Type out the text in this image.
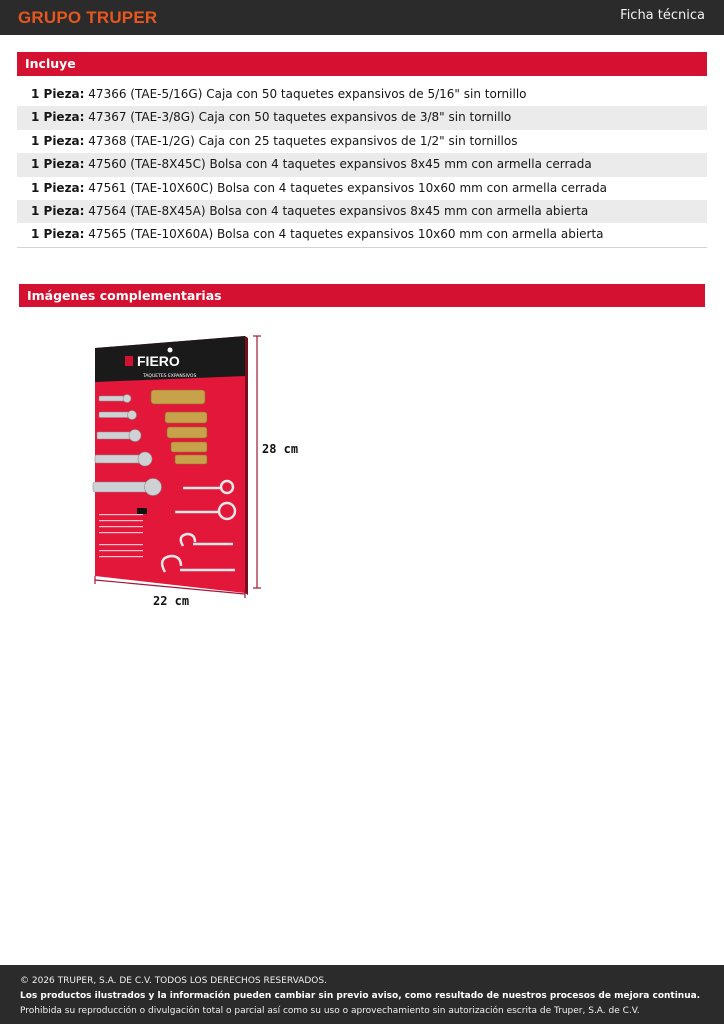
GRUPO TRUPER	Ficha técnica
Incluye
1 Pieza: 47366 (TAE-5/16G) Caja con 50 taquetes expansivos de 5/16" sin tornillo
1 Pieza: 47367 (TAE-3/8G) Caja con 50 taquetes expansivos de 3/8" sin tornillo
1 Pieza: 47368 (TAE-1/2G) Caja con 25 taquetes expansivos de 1/2" sin tornillos
1 Pieza: 47560 (TAE-8X45C) Bolsa con 4 taquetes expansivos 8x45 mm con armella cerrada
1 Pieza: 47561 (TAE-10X60C) Bolsa con 4 taquetes expansivos 10x60 mm con armella cerrada
1 Pieza: 47564 (TAE-8X45A) Bolsa con 4 taquetes expansivos 8x45 mm con armella abierta
1 Pieza: 47565 (TAE-10X60A) Bolsa con 4 taquetes expansivos 10x60 mm con armella abierta
Imágenes complementarias
FIERO
TAQUETES EXPANSIVOS
28 cm
22 cm
© 2026 TRUPER, S.A. DE C.V. TODOS LOS DERECHOS RESERVADOS.
Los productos ilustrados y la información pueden cambiar sin previo aviso, como resultado de nuestros procesos de mejora continua.
Prohibida su reproducción o divulgación total o parcial así como su uso o aprovechamiento sin autorización escrita de Truper, S.A. de C.V.
